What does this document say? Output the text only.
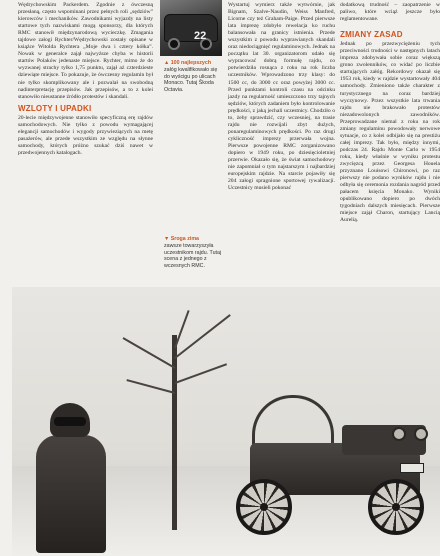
Wędrychowskim Packerdem. Zgodnie z ówczesną przesłaną, często wspominani przez pełnych roli „sędziów” kierowców i mechaników. Zawodnikami wyjazdy na listy startowe tych nazwiskami mogą sponsorzy, dla których RMC stanowił międzynarodową wycieczkę. Zmagania tajdowe załogi Rychter/Wędrychowski zostały opisane w książce Witolda Rychtera „Moje dwa i cztery kółka”. Nowak w generalce zajął najwyższe chyba w historii startów Polaków jedenaste miejsce. Rychter, mimo że do wyzwanej strachy tylko 1,75 punktu, zajął aż czterdzieste dziewiąte miejsce. To pokazuje, że ówczesny regulamin był nie tylko skomplikowany ale i pozwalał na swobodną nadinterpretację przepisów. Jak przepisów, a to z kolei stanowiło nieustanne źródło protestów i skandali.
WZLOTY I UPADKI
20-lecie międzywojenne stanowiło specyficzną erę rajdów samochodowych. Nie tylko z powodu wymagającej elegancji samochodów i wygody przywieziących na metę pasażerów, ale przede wszystkim ze względu na słynne samochody, których próżno szukać dziś nawet w przedwojennych katalogach.
22
▲ 100 najlepszych
załóg kwalifikowało się do wyścigu po ulicach Monaco. Tutaj Škoda Octavia.
▼ Sroga zima
zawsze towarzyszyła uczestnikom rajdu. Tutaj scena z jednego z wczesnych RMC.
Wystartuj wymierz także wytwórnie, jak Bignam, Szalve-Naudin, Weiss Manfred, Licorne czy też Graham-Paige. Przed pierwsze lata imprezę zdobyło rewelacja ko ruchu balansowała na granicy istnienia. Przede wszystkim z powodu wyprawianych skandali oraz niedociągnięć regulaminowych. Jednak na początku lat 30. organizatorom udało się wypracować dobrą formułę rajdu, co potwierdziła rosnąca z roku na rok liczba uczestników. Wprowadzono trzy klasy: do 1500 cc, do 3000 cc oraz powyżej 3000 cc. Przed punktami kontroli czasu na odcinku jazdy na regularność umieszczono trzy tajnych sędziów, których zadaniem było kontrolowanie prędkości, z jaką jechali uczestnicy. Chodziło o to, żeby sprawdzić, czy wczesniej, na trasie rajdu nie rozwijali zbyt dużych, ponaregulaminowych prędkości. Po raz drugi cykliczność imprezy przerwała wojna. Pierwsze powojenne RMC zorganizowano dopiero w 1949 roku, po dziesięcioletniej przerwie. Okazało się, że świat samochodowy nie zapomniał o tym najstarszym i najbardziej europejskim rajdzie. Na starcie pojawiły się 204 załogi spragnione sportowej rywalizacji. Uczestnicy musieli pokonać
dodatkową trudność – zaopatrzenie w paliwo, które wciąż jeszcze było reglamentowane.
ZMIANY ZASAD
Jednak po przezwyciężeniu tych przeciwności trudności w następnych latach impreza zdobywała sobie coraz większą grono zwolenników, co widać po liczbie startujących załóg. Rekordowy okazał się 1953 rok, kiedy w rajdzie wystartowały 404 samochody. Zmieniono także charakter z turystycznego na coraz bardziej wyczynowy. Przez wszystkie lata trwania rajdu nie brakowało protestów niezadowolonych zawodników. Przeprowadzane niemal z roku na rok zmiany regulaminu powodowały nerwowe sytuacje, co z kolei odbijało się na prestiżu całej imprezy. Tak było, między innymi, podczas 24. Rajdu Monte Carlo w 1954 roku, kiedy właśnie w wyniku protestu zwycięzcą przez Georgesa Houela przyznano Louisowi Chironowi, po raz pierwszy nie podano wyników rajdu i nie odbyła się ceremonia rozdania nagród przed pałacem księcia Monako. Wyniki opublikowano dopiero po dwóch tygodniach dalszych miesięcach. Pierwsze miejsce zajął Charon, startujący Lancią Aurelią.
